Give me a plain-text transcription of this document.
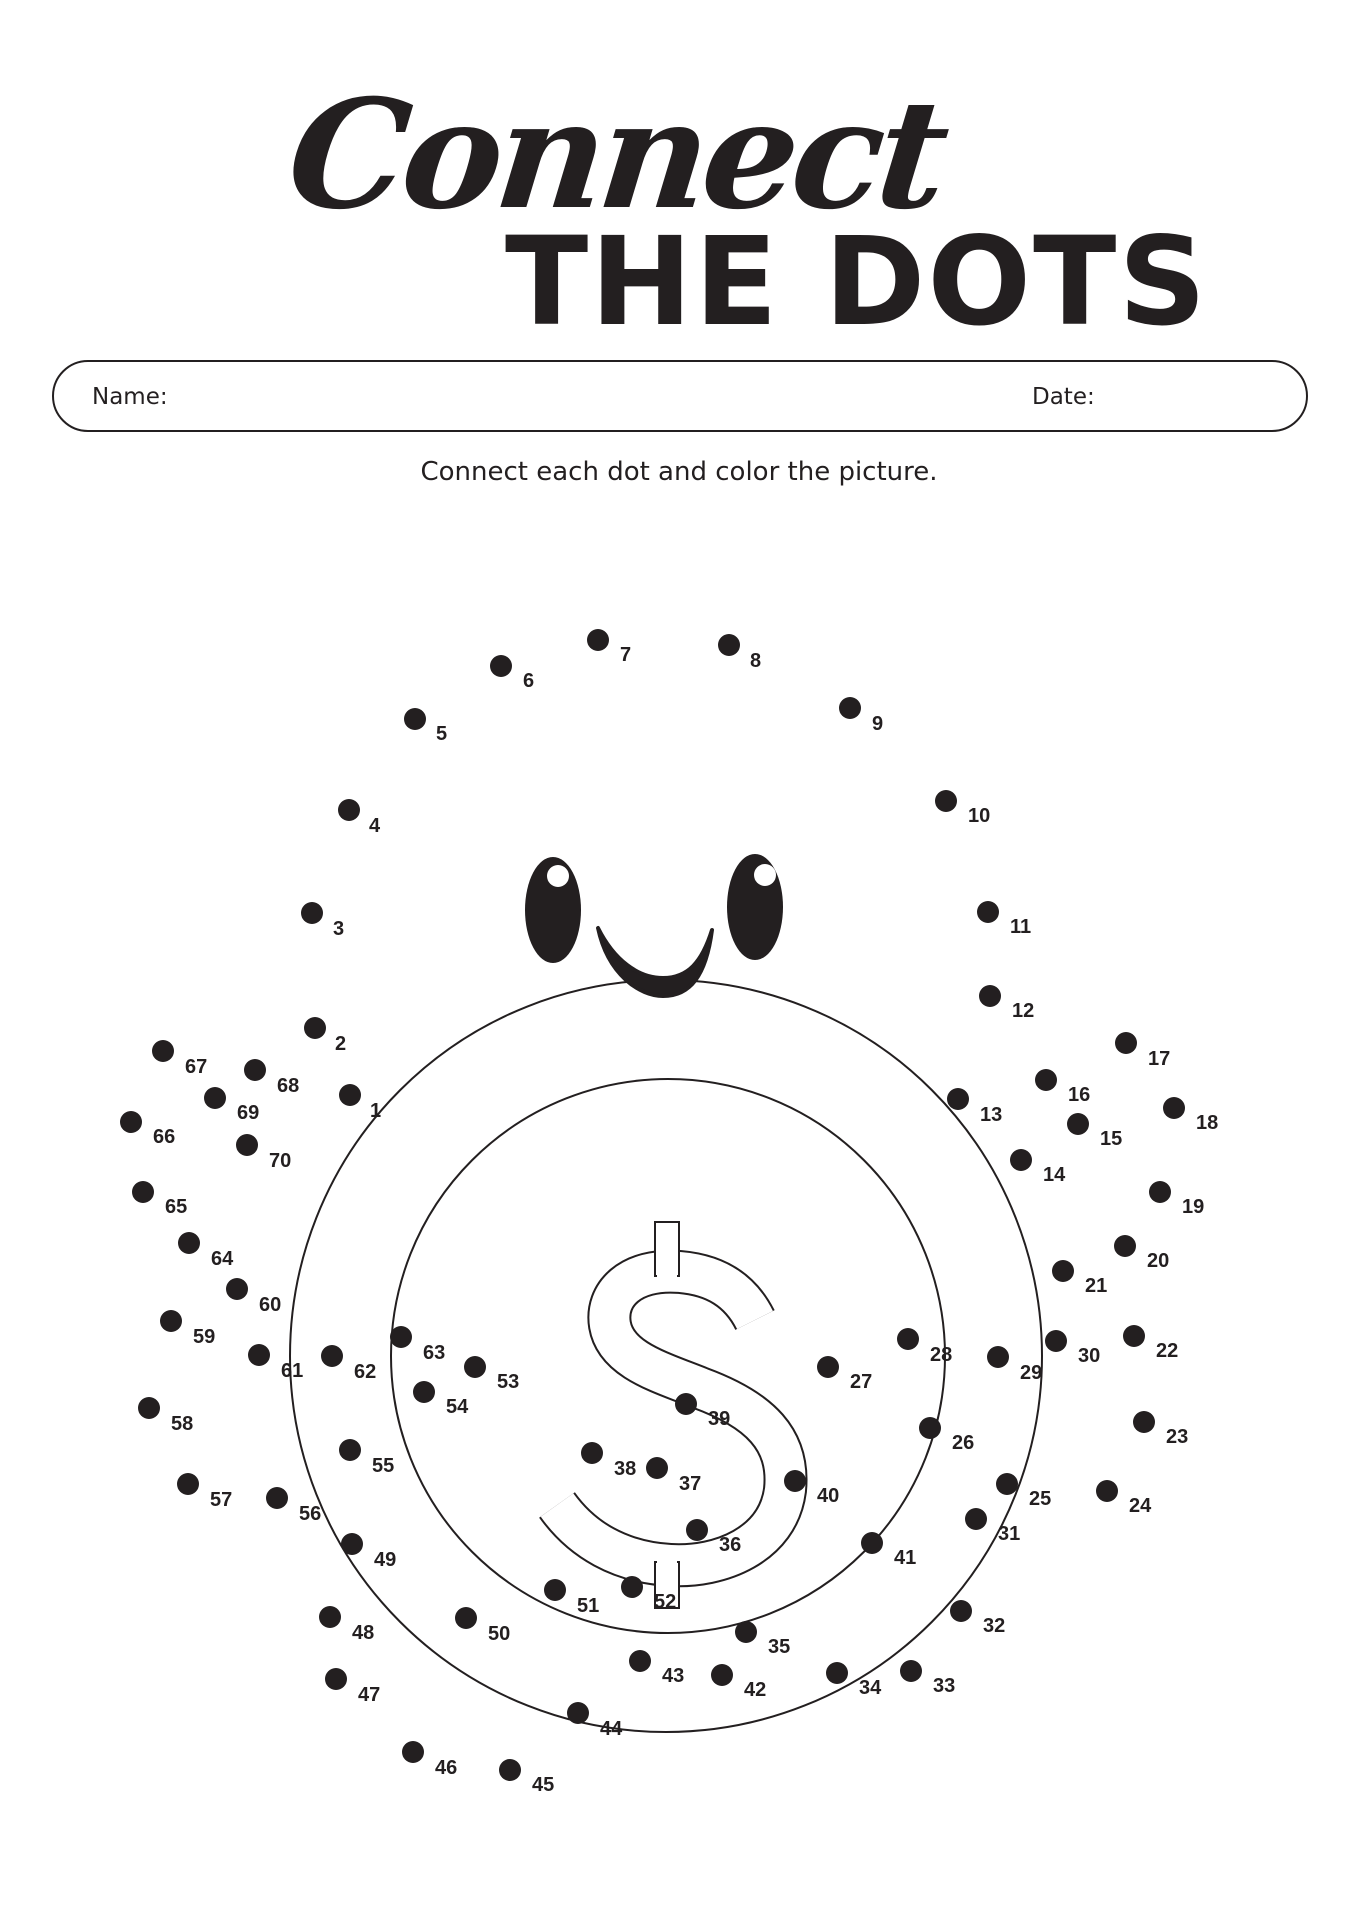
Connect
THE DOTS
Name:	Date:
Connect each dot and color the picture.
1
2
3
4
5
6
7	8
9
10
11
12
13
14
15
16
17
18
19
20
21
22
23
24
25
26
27
28
29
30
31
32
33
34
35
36
37
38
39
40
41
42
43
44
45
46
47
48
49
50
51	52
53
54
55
56
57
58
59
60
61	62
63
64
65
66
67
68
69
70
